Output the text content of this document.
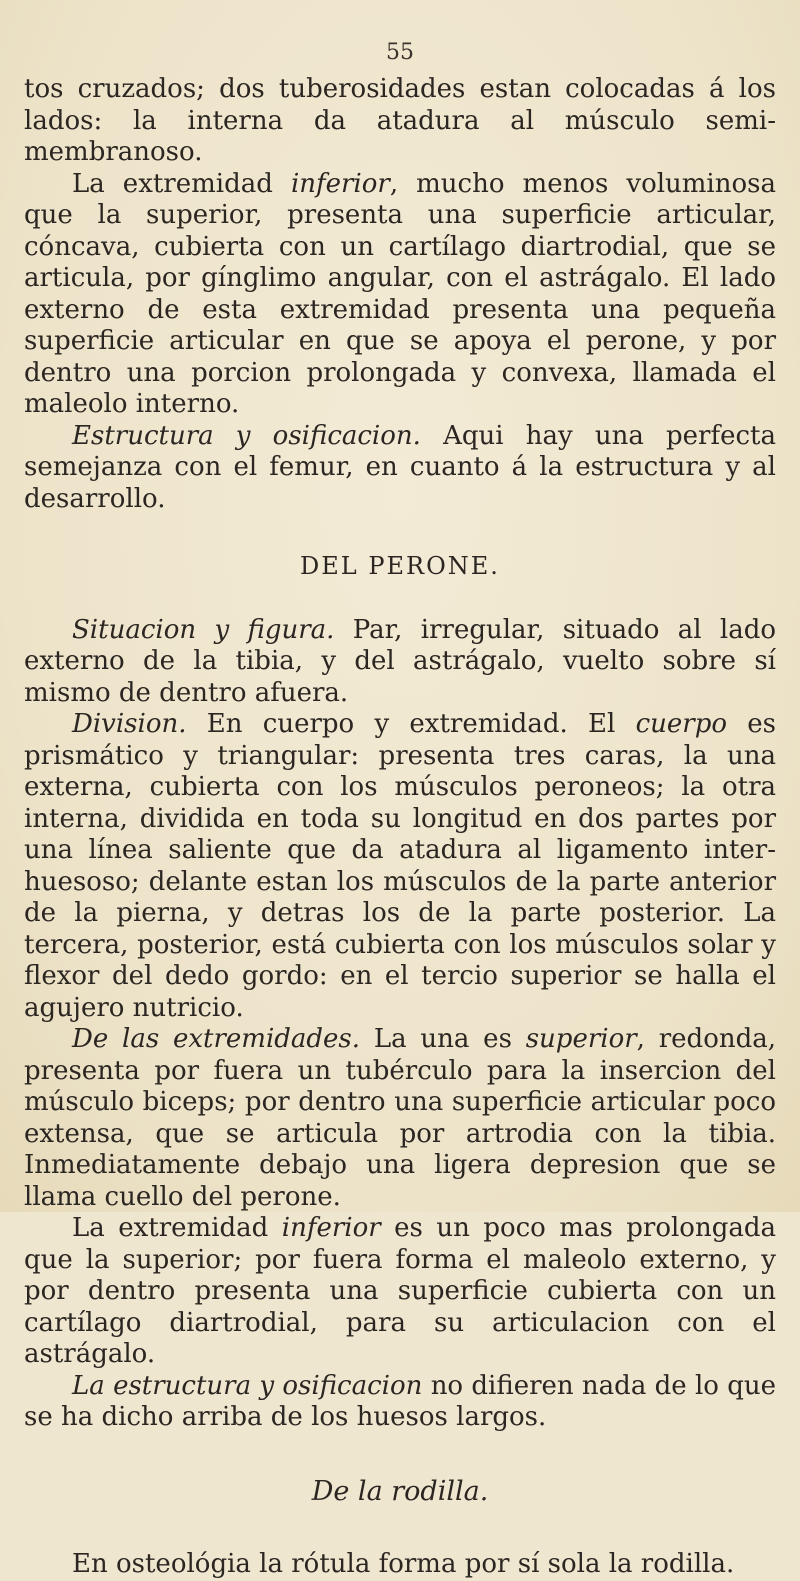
55

tos cruzados; dos tuberosidades estan colocadas á los lados: la interna da atadura al músculo semi-membranoso.

La extremidad inferior, mucho menos voluminosa que la superior, presenta una superficie articular, cóncava, cubierta con un cartílago diartrodial, que se articula, por gínglimo angular, con el astrágalo. El lado externo de esta extremidad presenta una pequeña superficie articular en que se apoya el perone, y por dentro una porcion prolongada y convexa, llamada el maleolo interno.

Estructura y osificacion. Aqui hay una perfecta semejanza con el femur, en cuanto á la estructura y al desarrollo.

DEL PERONE.

Situacion y figura. Par, irregular, situado al lado externo de la tibia, y del astrágalo, vuelto sobre sí mismo de dentro afuera.

Division. En cuerpo y extremidad. El cuerpo es prismático y triangular: presenta tres caras, la una externa, cubierta con los músculos peroneos; la otra interna, dividida en toda su longitud en dos partes por una línea saliente que da atadura al ligamento inter-huesoso; delante estan los músculos de la parte anterior de la pierna, y detras los de la parte posterior. La tercera, posterior, está cubierta con los músculos solar y flexor del dedo gordo: en el tercio superior se halla el agujero nutricio.

De las extremidades. La una es superior, redonda, presenta por fuera un tubérculo para la insercion del músculo biceps; por dentro una superficie articular poco extensa, que se articula por artrodia con la tibia. Inmediatamente debajo una ligera depresion que se llama cuello del perone.

La extremidad inferior es un poco mas prolongada que la superior; por fuera forma el maleolo externo, y por dentro presenta una superficie cubierta con un cartílago diartrodial, para su articulacion con el astrágalo.

La estructura y osificacion no difieren nada de lo que se ha dicho arriba de los huesos largos.

De la rodilla.

En osteológia la rótula forma por sí sola la rodilla.
